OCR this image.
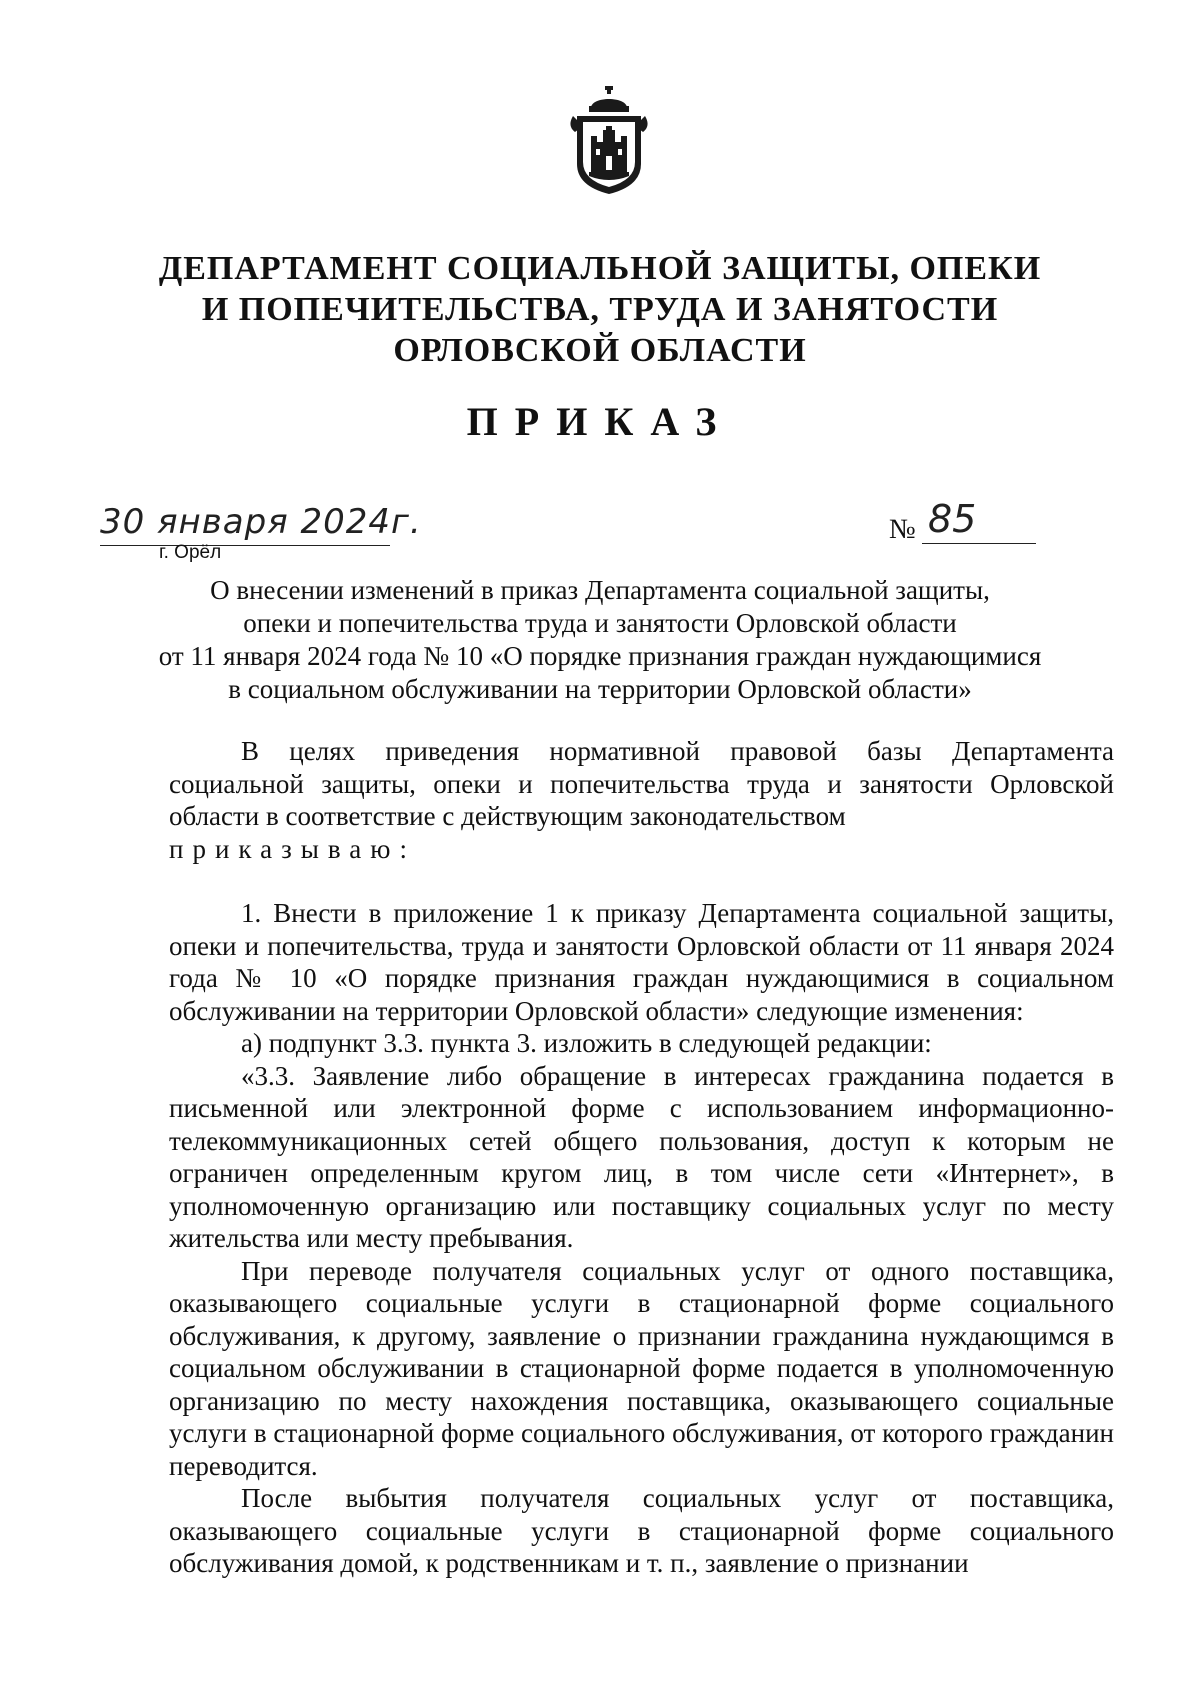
ДЕПАРТАМЕНТ СОЦИАЛЬНОЙ ЗАЩИТЫ, ОПЕКИ
И ПОПЕЧИТЕЛЬСТВА, ТРУДА И ЗАНЯТОСТИ
ОРЛОВСКОЙ ОБЛАСТИ
ПРИКАЗ
30 января 2024г.
г. Орёл
№ 85
О внесении изменений в приказ Департамента социальной защиты,
опеки и попечительства труда и занятости Орловской области
от 11 января 2024 года № 10 «О порядке признания граждан нуждающимися
в социальном обслуживании на территории Орловской области»

В целях приведения нормативной правовой базы Департамента социальной защиты, опеки и попечительства труда и занятости Орловской области в соответствие с действующим законодательством

приказываю:

1. Внести в приложение 1 к приказу Департамента социальной защиты, опеки и попечительства, труда и занятости Орловской области от 11 января 2024 года № 10 «О порядке признания граждан нуждающимися в социальном обслуживании на территории Орловской области» следующие изменения:

а) подпункт 3.3. пункта 3. изложить в следующей редакции:

«3.3. Заявление либо обращение в интересах гражданина подается в письменной или электронной форме с использованием информационно-телекоммуникационных сетей общего пользования, доступ к которым не ограничен определенным кругом лиц, в том числе сети «Интернет», в уполномоченную организацию или поставщику социальных услуг по месту жительства или месту пребывания.

При переводе получателя социальных услуг от одного поставщика, оказывающего социальные услуги в стационарной форме социального обслуживания, к другому, заявление о признании гражданина нуждающимся в социальном обслуживании в стационарной форме подается в уполномоченную организацию по месту нахождения поставщика, оказывающего социальные услуги в стационарной форме социального обслуживания, от которого гражданин переводится.

После выбытия получателя социальных услуг от поставщика, оказывающего социальные услуги в стационарной форме социального обслуживания домой, к родственникам и т. п., заявление о признании
